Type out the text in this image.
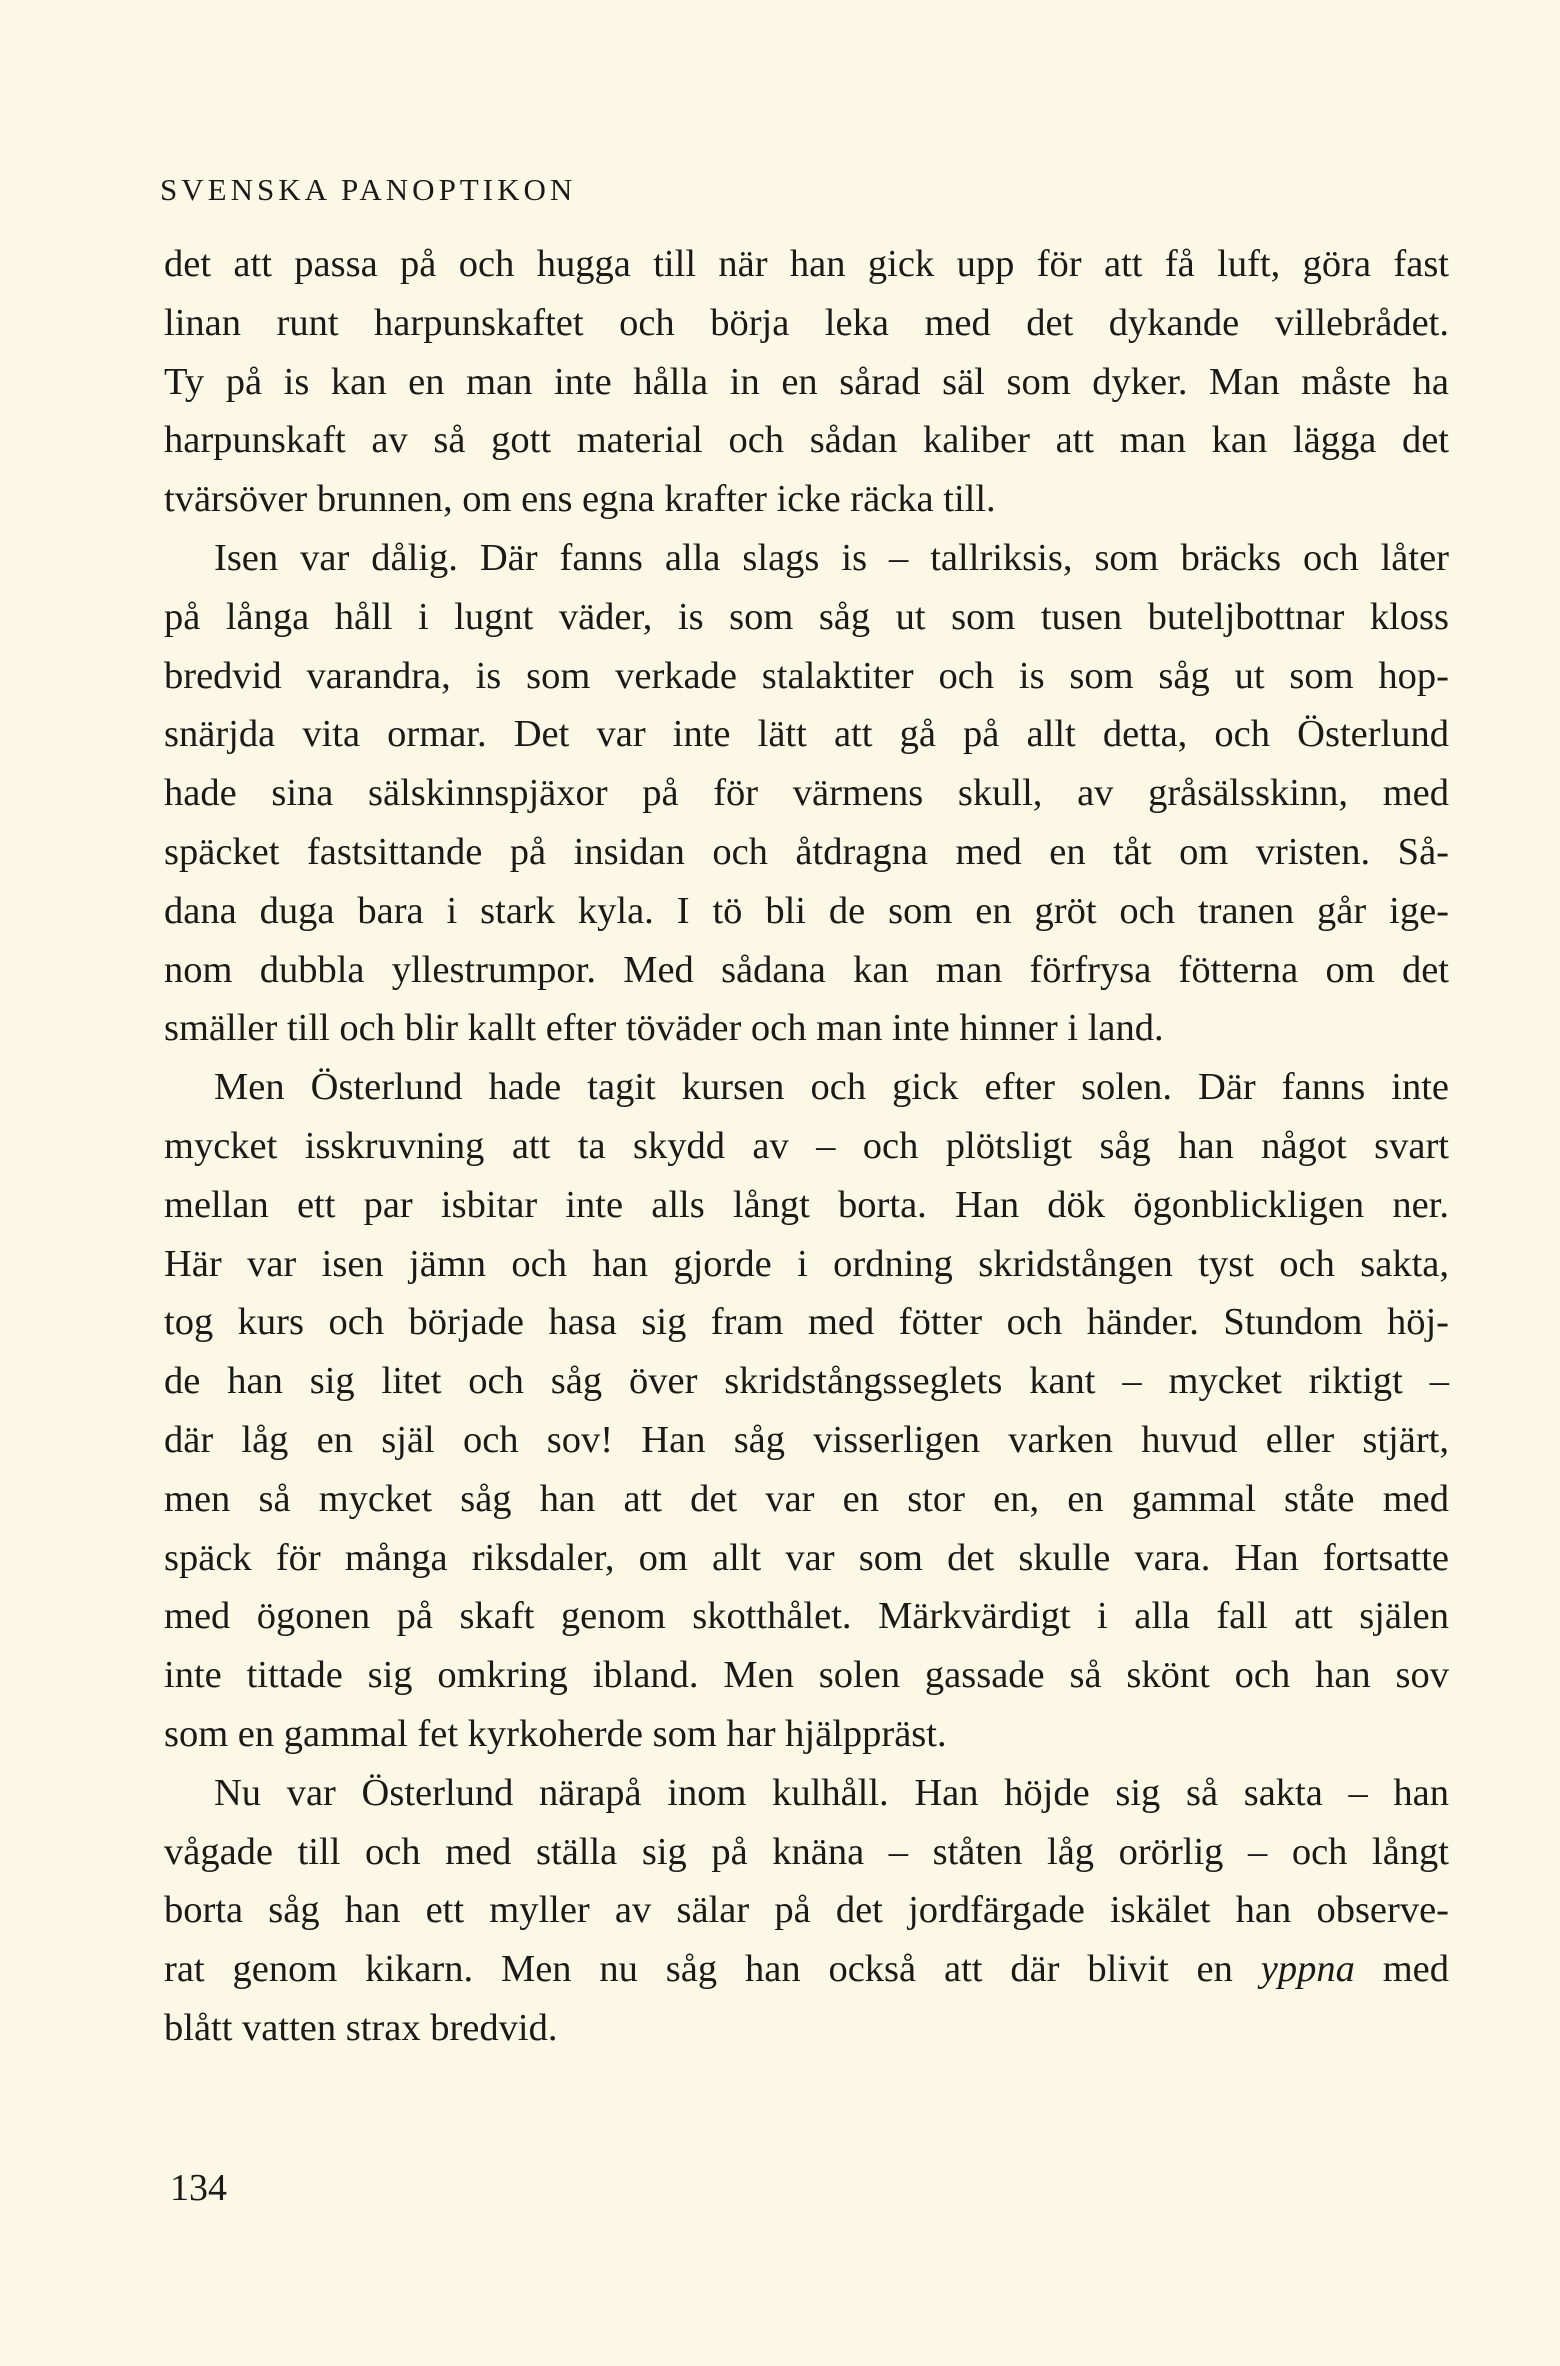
SVENSKA PANOPTIKON
det att passa på och hugga till när han gick upp för att få luft, göra fast
linan runt harpunskaftet och börja leka med det dykande villebrådet.
Ty på is kan en man inte hålla in en sårad säl som dyker. Man måste ha
harpunskaft av så gott material och sådan kaliber att man kan lägga det
tvärsöver brunnen, om ens egna krafter icke räcka till.
Isen var dålig. Där fanns alla slags is – tallriksis, som bräcks och låter
på långa håll i lugnt väder, is som såg ut som tusen buteljbottnar kloss
bredvid varandra, is som verkade stalaktiter och is som såg ut som hop-
snärjda vita ormar. Det var inte lätt att gå på allt detta, och Österlund
hade sina sälskinnspjäxor på för värmens skull, av gråsälsskinn, med
späcket fastsittande på insidan och åtdragna med en tåt om vristen. Så-
dana duga bara i stark kyla. I tö bli de som en gröt och tranen går ige-
nom dubbla yllestrumpor. Med sådana kan man förfrysa fötterna om det
smäller till och blir kallt efter töväder och man inte hinner i land.
Men Österlund hade tagit kursen och gick efter solen. Där fanns inte
mycket isskruvning att ta skydd av – och plötsligt såg han något svart
mellan ett par isbitar inte alls långt borta. Han dök ögonblickligen ner.
Här var isen jämn och han gjorde i ordning skridstången tyst och sakta,
tog kurs och började hasa sig fram med fötter och händer. Stundom höj-
de han sig litet och såg över skridstångsseglets kant – mycket riktigt –
där låg en själ och sov! Han såg visserligen varken huvud eller stjärt,
men så mycket såg han att det var en stor en, en gammal ståte med
späck för många riksdaler, om allt var som det skulle vara. Han fortsatte
med ögonen på skaft genom skotthålet. Märkvärdigt i alla fall att själen
inte tittade sig omkring ibland. Men solen gassade så skönt och han sov
som en gammal fet kyrkoherde som har hjälppräst.
Nu var Österlund närapå inom kulhåll. Han höjde sig så sakta – han
vågade till och med ställa sig på knäna – ståten låg orörlig – och långt
borta såg han ett myller av sälar på det jordfärgade iskälet han observe-
rat genom kikarn. Men nu såg han också att där blivit en yppna med
blått vatten strax bredvid.
134
